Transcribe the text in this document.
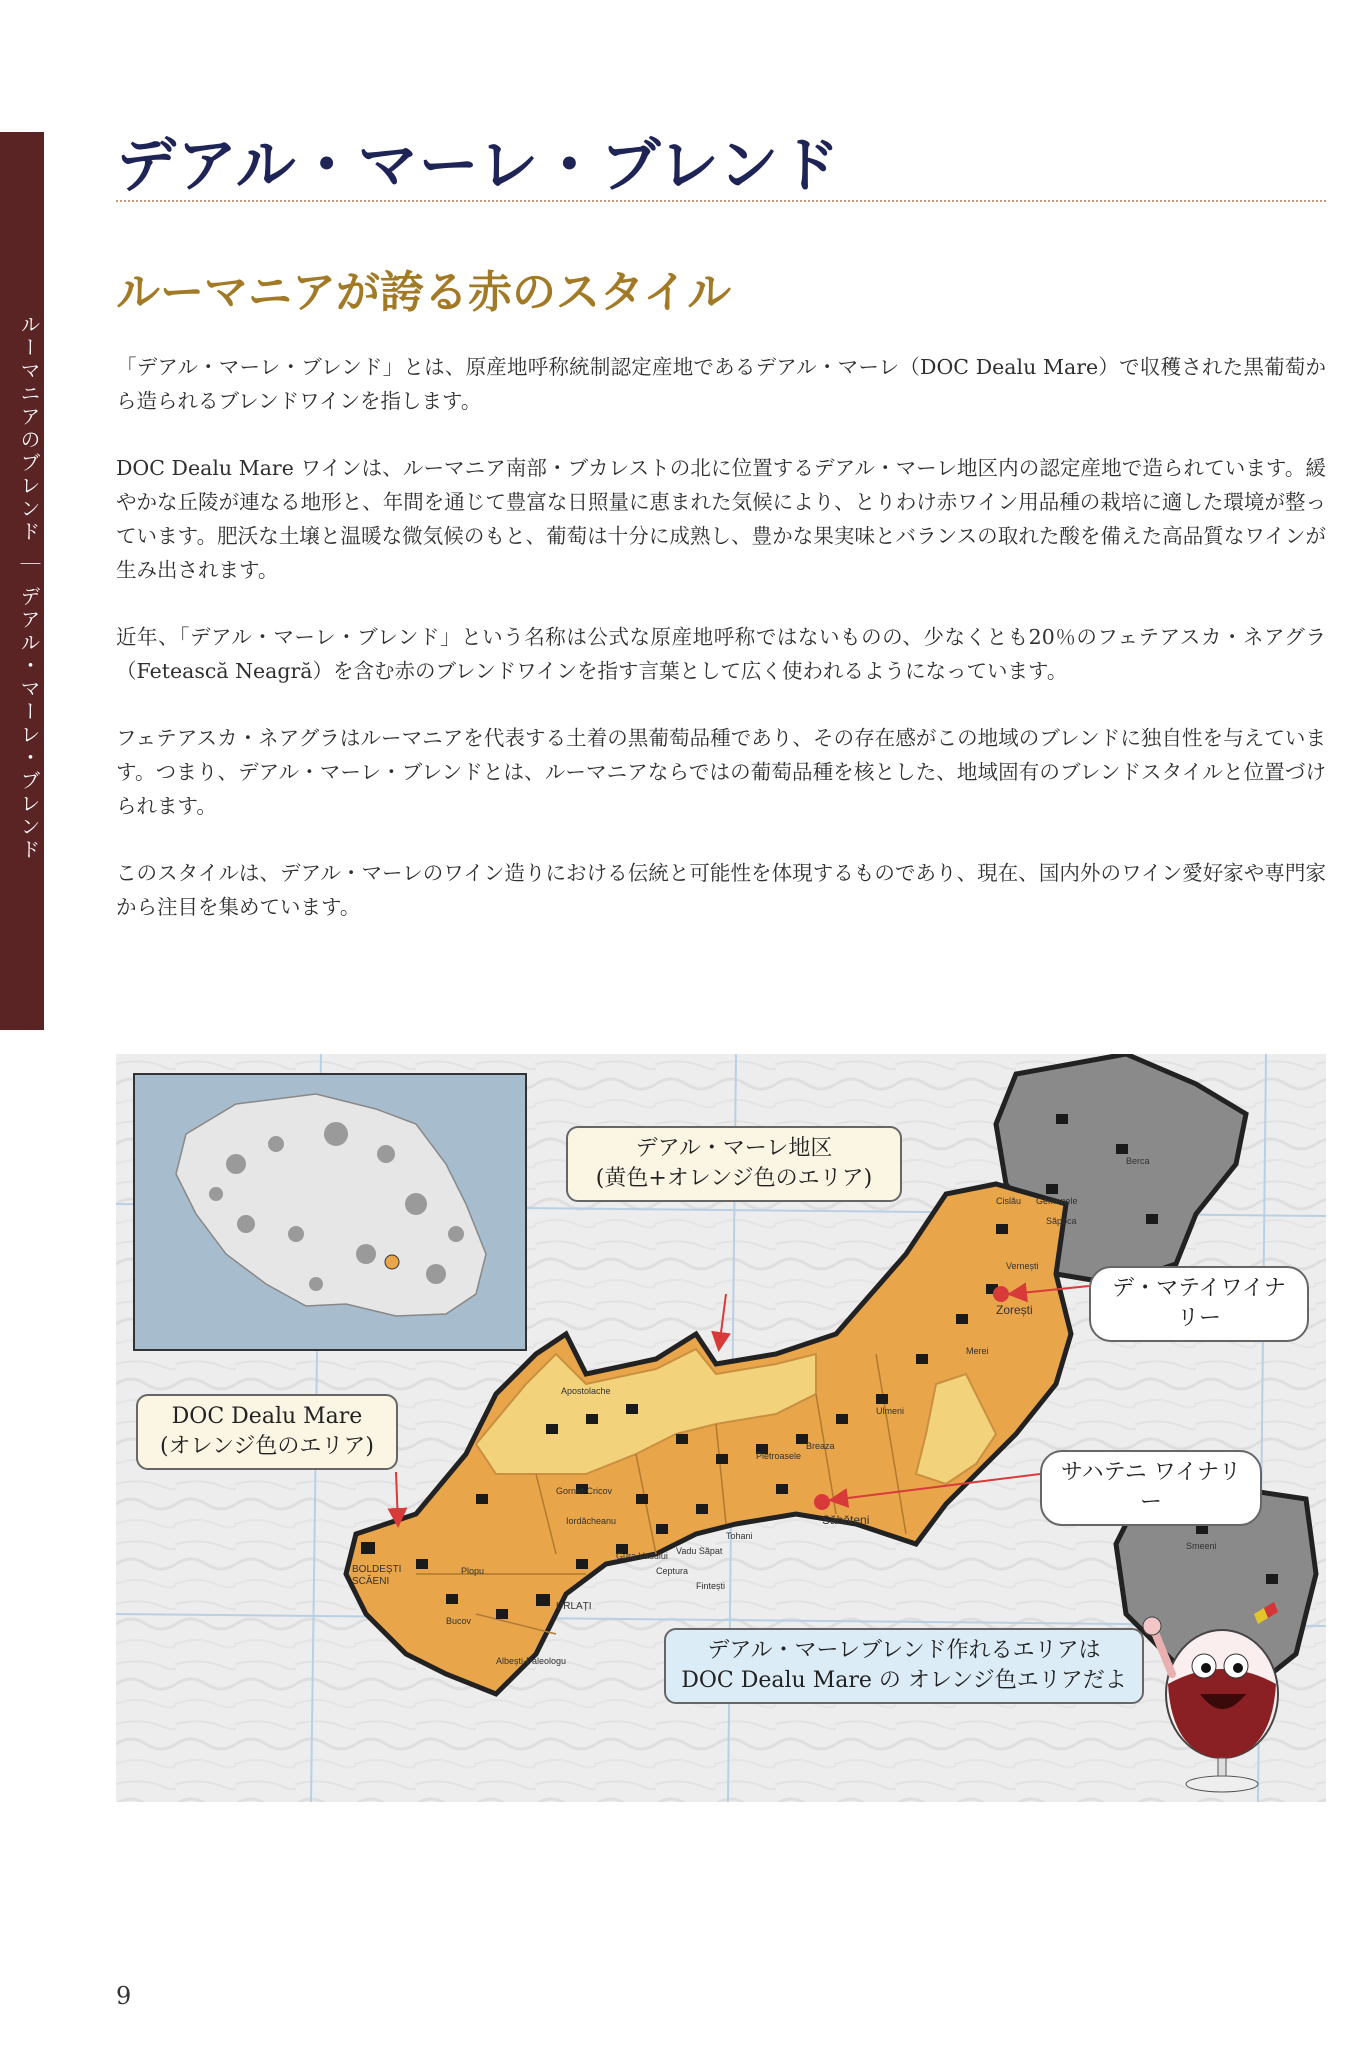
ルーマニアのブレンド ｜ デアル・マーレ・ブレンド
デアル・マーレ・ブレンド
ルーマニアが誇る赤のスタイル

「デアル・マーレ・ブレンド」とは、原産地呼称統制認定産地であるデアル・マーレ（DOC Dealu Mare）で収穫された黒葡萄から造られるブレンドワインを指します。

DOC Dealu Mare ワインは、ルーマニア南部・ブカレストの北に位置するデアル・マーレ地区内の認定産地で造られています。緩やかな丘陵が連なる地形と、年間を通じて豊富な日照量に恵まれた気候により、とりわけ赤ワイン用品種の栽培に適した環境が整っています。肥沃な土壌と温暖な微気候のもと、葡萄は十分に成熟し、豊かな果実味とバランスの取れた酸を備えた高品質なワインが生み出されます。

近年、「デアル・マーレ・ブレンド」という名称は公式な原産地呼称ではないものの、少なくとも20％のフェテアスカ・ネアグラ（Fetească Neagră）を含む赤のブレンドワインを指す言葉として広く使われるようになっています。

フェテアスカ・ネアグラはルーマニアを代表する土着の黒葡萄品種であり、その存在感がこの地域のブレンドに独自性を与えています。つまり、デアル・マーレ・ブレンドとは、ルーマニアならではの葡萄品種を核とした、地域固有のブレンドスタイルと位置づけられます。

このスタイルは、デアル・マーレのワイン造りにおける伝統と可能性を体現するものであり、現在、国内外のワイン愛好家や専門家から注目を集めています。

Zorești
Săhăteni
BOLDEȘTI
SCĂENI
URLAȚI
Ceptura
Tohani
Merei
Bucov
Vadu Săpat
Fintești
Gura Vadului
Iordăcheanu
Pietroasele
Breaza
Ulmeni
Gornet-Cricov
Apostolache
Plopu
Cislău
Berca
Smeeni
Gemenele
Săpoca
Vernești
Albești-Paleologu
デアル・マーレ地区
(黄色+オレンジ色のエリア)
DOC Dealu Mare
(オレンジ色のエリア)
デ・マテイワイナリー
サハテニ ワイナリー
デアル・マーレブレンド作れるエリアは
DOC Dealu Mare の オレンジ色エリアだよ
9
